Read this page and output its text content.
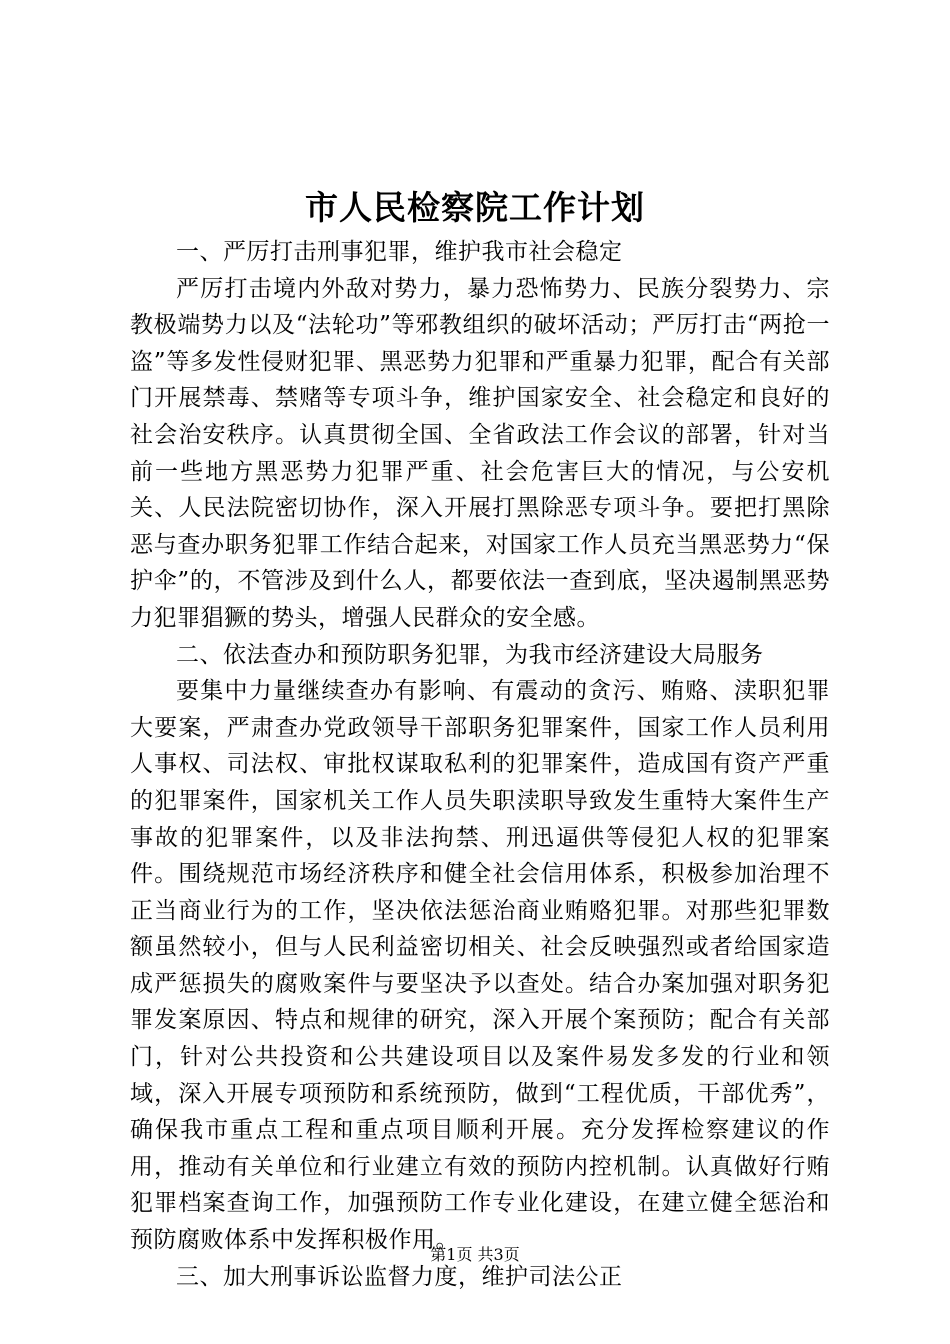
市人民检察院工作计划

一、严厉打击刑事犯罪，维护我市社会稳定

严厉打击境内外敌对势力，暴力恐怖势力、民族分裂势力、宗教极端势力以及“法轮功”等邪教组织的破坏活动；严厉打击“两抢一盗”等多发性侵财犯罪、黑恶势力犯罪和严重暴力犯罪，配合有关部门开展禁毒、禁赌等专项斗争，维护国家安全、社会稳定和良好的社会治安秩序。认真贯彻全国、全省政法工作会议的部署，针对当前一些地方黑恶势力犯罪严重、社会危害巨大的情况，与公安机关、人民法院密切协作，深入开展打黑除恶专项斗争。要把打黑除恶与查办职务犯罪工作结合起来，对国家工作人员充当黑恶势力“保护伞”的，不管涉及到什么人，都要依法一查到底，坚决遏制黑恶势力犯罪猖獗的势头，增强人民群众的安全感。

二、依法查办和预防职务犯罪，为我市经济建设大局服务

要集中力量继续查办有影响、有震动的贪污、贿赂、渎职犯罪大要案，严肃查办党政领导干部职务犯罪案件，国家工作人员利用人事权、司法权、审批权谋取私利的犯罪案件，造成国有资产严重的犯罪案件，国家机关工作人员失职渎职导致发生重特大案件生产事故的犯罪案件，以及非法拘禁、刑迅逼供等侵犯人权的犯罪案件。围绕规范市场经济秩序和健全社会信用体系，积极参加治理不正当商业行为的工作，坚决依法惩治商业贿赂犯罪。对那些犯罪数额虽然较小，但与人民利益密切相关、社会反映强烈或者给国家造成严惩损失的腐败案件与要坚决予以查处。结合办案加强对职务犯罪发案原因、特点和规律的研究，深入开展个案预防；配合有关部门，针对公共投资和公共建设项目以及案件易发多发的行业和领域，深入开展专项预防和系统预防，做到“工程优质，干部优秀”，确保我市重点工程和重点项目顺利开展。充分发挥检察建议的作用，推动有关单位和行业建立有效的预防内控机制。认真做好行贿犯罪档案查询工作，加强预防工作专业化建设，在建立健全惩治和预防腐败体系中发挥积极作用。

三、加大刑事诉讼监督力度，维护司法公正

第1页 共3页
